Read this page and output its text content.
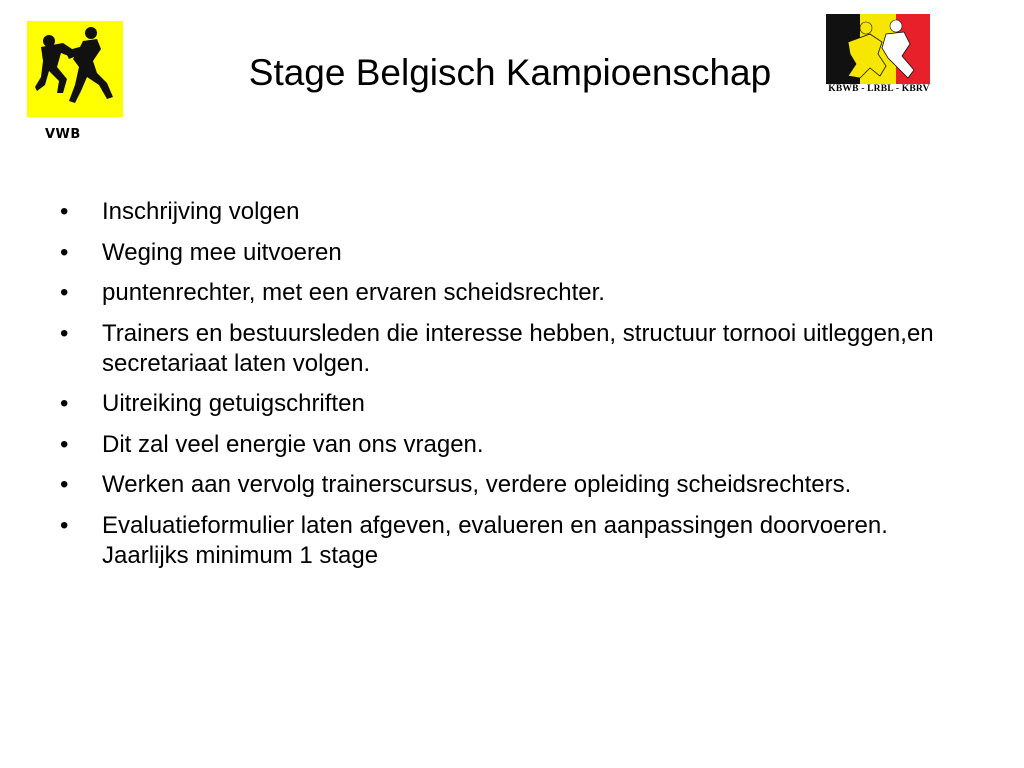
VWB
Stage Belgisch Kampioenschap	KBWB - LRBL - KBRV
•	Inschrijving volgen
•	Weging mee uitvoeren
•	puntenrechter, met een ervaren scheidsrechter.
•	Trainers en bestuursleden die interesse hebben, structuur tornooi uitleggen,en secretariaat laten volgen.
•	Uitreiking getuigschriften
•	Dit zal veel energie van ons vragen.
•	Werken aan vervolg trainerscursus, verdere opleiding scheidsrechters.
•	Evaluatieformulier laten afgeven, evalueren en aanpassingen doorvoeren. Jaarlijks minimum 1 stage
